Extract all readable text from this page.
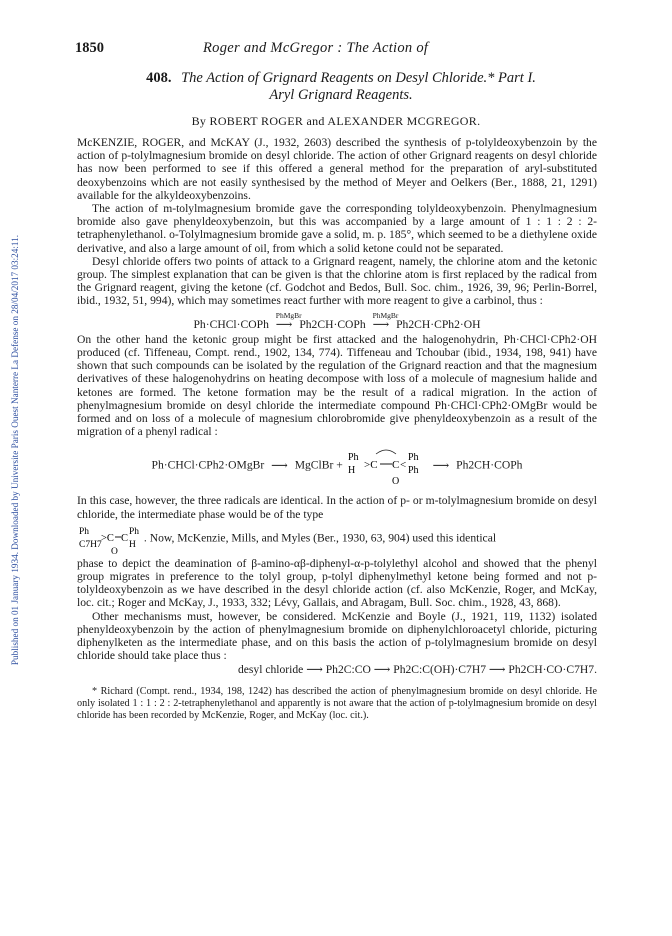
Published on 01 January 1934. Downloaded by Universite Paris Ouest Nanterre La Defense on 28/04/2017 03:24:11.
1850	Roger and McGregor : The Action of
408. The Action of Grignard Reagents on Desyl Chloride.* Part I.
Aryl Grignard Reagents.
By ROBERT ROGER and ALEXANDER MCGREGOR.

McKENZIE, ROGER, and McKAY (J., 1932, 2603) described the synthesis of p-tolyldeoxybenzoin by the action of p-tolylmagnesium bromide on desyl chloride. The action of other Grignard reagents on desyl chloride has now been performed to see if this offered a general method for the preparation of aryl-substituted deoxybenzoins which are not easily synthesised by the method of Meyer and Oelkers (Ber., 1888, 21, 1291) available for the alkyldeoxybenzoins.

The action of m-tolylmagnesium bromide gave the corresponding tolyldeoxybenzoin. Phenylmagnesium bromide also gave phenyldeoxybenzoin, but this was accompanied by a large amount of 1 : 1 : 2 : 2-tetraphenylethanol. o-Tolylmagnesium bromide gave a solid, m. p. 185°, which seemed to be a diethylene oxide derivative, and also a large amount of oil, from which a solid ketone could not be separated.

Desyl chloride offers two points of attack to a Grignard reagent, namely, the chlorine atom and the ketonic group. The simplest explanation that can be given is that the chlorine atom is first replaced by the radical from the Grignard reagent, giving the ketone (cf. Godchot and Bedos, Bull. Soc. chim., 1926, 39, 96; Perlin-Borrel, ibid., 1932, 51, 994), which may sometimes react further with more reagent to give a carbinol, thus :

Ph·CHCl·COPh
PhMgBr
⟶ Ph2CH·COPh
PhMgBr
⟶ Ph2CH·CPh2·OH

On the other hand the ketonic group might be first attacked and the halogenohydrin, Ph·CHCl·CPh2·OH produced (cf. Tiffeneau, Compt. rend., 1902, 134, 774). Tiffeneau and Tchoubar (ibid., 1934, 198, 941) have shown that such compounds can be isolated by the regulation of the Grignard reaction and that the magnesium derivatives of these halogenohydrins on heating decompose with loss of a molecule of magnesium halide and ketones are formed. The ketone formation may be the result of a radical migration. In the action of phenylmagnesium bromide on desyl chloride the intermediate compound Ph·CHCl·CPh2·OMgBr would be formed and on loss of a molecule of magnesium chlorobromide give phenyldeoxybenzoin as a result of the migration of a phenyl radical :

Ph·CHCl·CPh2·OMgBr ⟶ MgClBr +
Ph
H >C C <
Ph
Ph
O
⟶ Ph2CH·COPh

In this case, however, the three radicals are identical. In the action of p- or m-tolylmagnesium bromide on desyl chloride, the intermediate phase would be of the type

Ph
C7H7
>C C
Ph
H
O
. Now, McKenzie, Mills, and Myles (Ber., 1930, 63, 904) used this identical

phase to depict the deamination of β-amino-αβ-diphenyl-α-p-tolylethyl alcohol and showed that the phenyl group migrates in preference to the tolyl group, p-tolyl diphenylmethyl ketone being formed and not p-tolyldeoxybenzoin as we have described in the desyl chloride action (cf. also McKenzie, Roger, and McKay, loc. cit.; Roger and McKay, J., 1933, 332; Lévy, Gallais, and Abragam, Bull. Soc. chim., 1928, 43, 868).

Other mechanisms must, however, be considered. McKenzie and Boyle (J., 1921, 119, 1132) isolated phenyldeoxybenzoin by the action of phenylmagnesium bromide on diphenylchloroacetyl chloride, picturing diphenylketen as the intermediate phase, and on this basis the action of p-tolylmagnesium bromide on desyl chloride should take place thus :

desyl chloride ⟶ Ph2C:CO ⟶ Ph2C:C(OH)·C7H7 ⟶ Ph2CH·CO·C7H7.

* Richard (Compt. rend., 1934, 198, 1242) has described the action of phenylmagnesium bromide on desyl chloride. He only isolated 1 : 1 : 2 : 2-tetraphenylethanol and apparently is not aware that the action of p-tolylmagnesium bromide on desyl chloride has been recorded by McKenzie, Roger, and McKay (loc. cit.).
